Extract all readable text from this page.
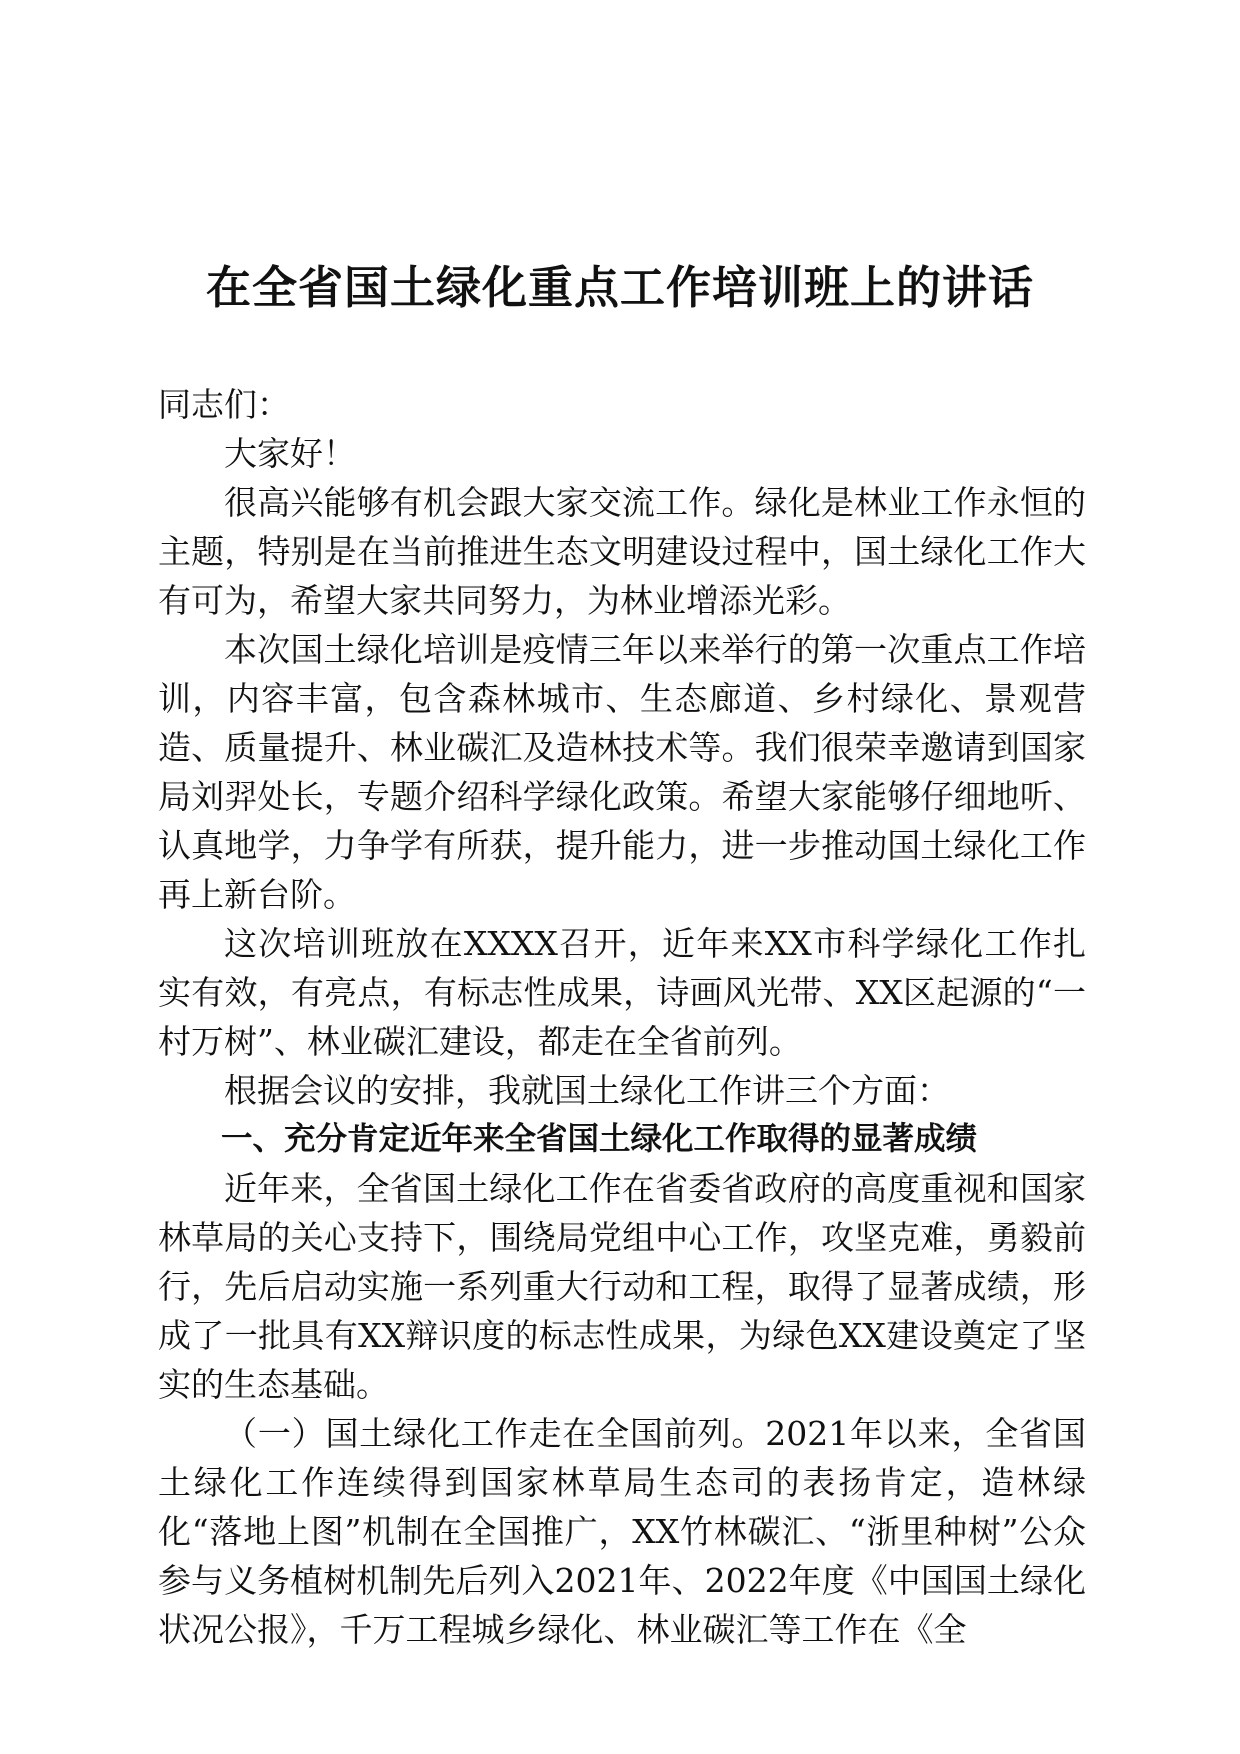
在全省国土绿化重点工作培训班上的讲话

同志们：

大家好！

很高兴能够有机会跟大家交流工作。绿化是林业工作永恒的主题，特别是在当前推进生态文明建设过程中，国土绿化工作大有可为，希望大家共同努力，为林业增添光彩。

本次国土绿化培训是疫情三年以来举行的第一次重点工作培训，内容丰富，包含森林城市、生态廊道、乡村绿化、景观营造、质量提升、林业碳汇及造林技术等。我们很荣幸邀请到国家局刘羿处长，专题介绍科学绿化政策。希望大家能够仔细地听、认真地学，力争学有所获，提升能力，进一步推动国土绿化工作再上新台阶。

这次培训班放在XXXX召开，近年来XX市科学绿化工作扎实有效，有亮点，有标志性成果，诗画风光带、XX区起源的“一村万树”、林业碳汇建设，都走在全省前列。

根据会议的安排，我就国土绿化工作讲三个方面：

一、充分肯定近年来全省国土绿化工作取得的显著成绩

近年来，全省国土绿化工作在省委省政府的高度重视和国家林草局的关心支持下，围绕局党组中心工作，攻坚克难，勇毅前行，先后启动实施一系列重大行动和工程，取得了显著成绩，形成了一批具有XX辩识度的标志性成果，为绿色XX建设奠定了坚实的生态基础。

（一）国土绿化工作走在全国前列。2021年以来，全省国土绿化工作连续得到国家林草局生态司的表扬肯定，造林绿化“落地上图”机制在全国推广，XX竹林碳汇、“浙里种树”公众参与义务植树机制先后列入2021年、2022年度《中国国土绿化状况公报》，千万工程城乡绿化、林业碳汇等工作在《全
